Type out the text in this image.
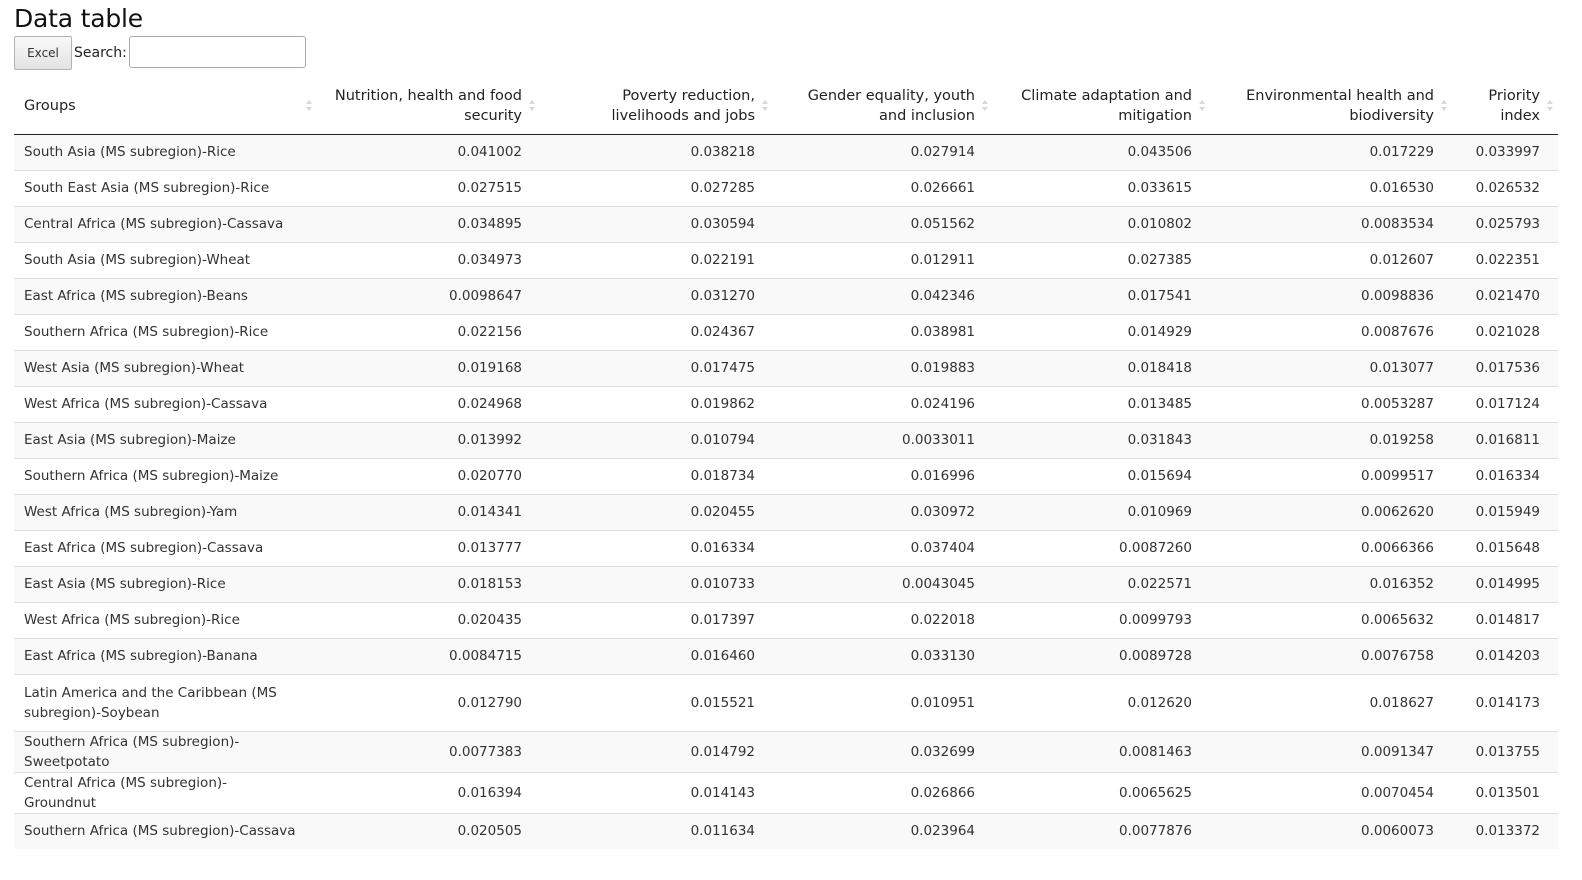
Data table
Excel	Search:
Groups	Nutrition, health and food security	Poverty reduction, livelihoods and jobs	Gender equality, youth and inclusion	Climate adaptation and mitigation	Environmental health and biodiversity	Priority index

South Asia (MS subregion)-Rice	0.041002	0.038218	0.027914	0.043506	0.017229	0.033997
South East Asia (MS subregion)-Rice	0.027515	0.027285	0.026661	0.033615	0.016530	0.026532
Central Africa (MS subregion)-Cassava	0.034895	0.030594	0.051562	0.010802	0.0083534	0.025793
South Asia (MS subregion)-Wheat	0.034973	0.022191	0.012911	0.027385	0.012607	0.022351
East Africa (MS subregion)-Beans	0.0098647	0.031270	0.042346	0.017541	0.0098836	0.021470
Southern Africa (MS subregion)-Rice	0.022156	0.024367	0.038981	0.014929	0.0087676	0.021028
West Asia (MS subregion)-Wheat	0.019168	0.017475	0.019883	0.018418	0.013077	0.017536
West Africa (MS subregion)-Cassava	0.024968	0.019862	0.024196	0.013485	0.0053287	0.017124
East Asia (MS subregion)-Maize	0.013992	0.010794	0.0033011	0.031843	0.019258	0.016811
Southern Africa (MS subregion)-Maize	0.020770	0.018734	0.016996	0.015694	0.0099517	0.016334
West Africa (MS subregion)-Yam	0.014341	0.020455	0.030972	0.010969	0.0062620	0.015949
East Africa (MS subregion)-Cassava	0.013777	0.016334	0.037404	0.0087260	0.0066366	0.015648
East Asia (MS subregion)-Rice	0.018153	0.010733	0.0043045	0.022571	0.016352	0.014995
West Africa (MS subregion)-Rice	0.020435	0.017397	0.022018	0.0099793	0.0065632	0.014817
East Africa (MS subregion)-Banana	0.0084715	0.016460	0.033130	0.0089728	0.0076758	0.014203
Latin America and the Caribbean (MS subregion)-Soybean	0.012790	0.015521	0.010951	0.012620	0.018627	0.014173
Southern Africa (MS subregion)-Sweetpotato	0.0077383	0.014792	0.032699	0.0081463	0.0091347	0.013755
Central Africa (MS subregion)-Groundnut	0.016394	0.014143	0.026866	0.0065625	0.0070454	0.013501
Southern Africa (MS subregion)-Cassava	0.020505	0.011634	0.023964	0.0077876	0.0060073	0.013372
